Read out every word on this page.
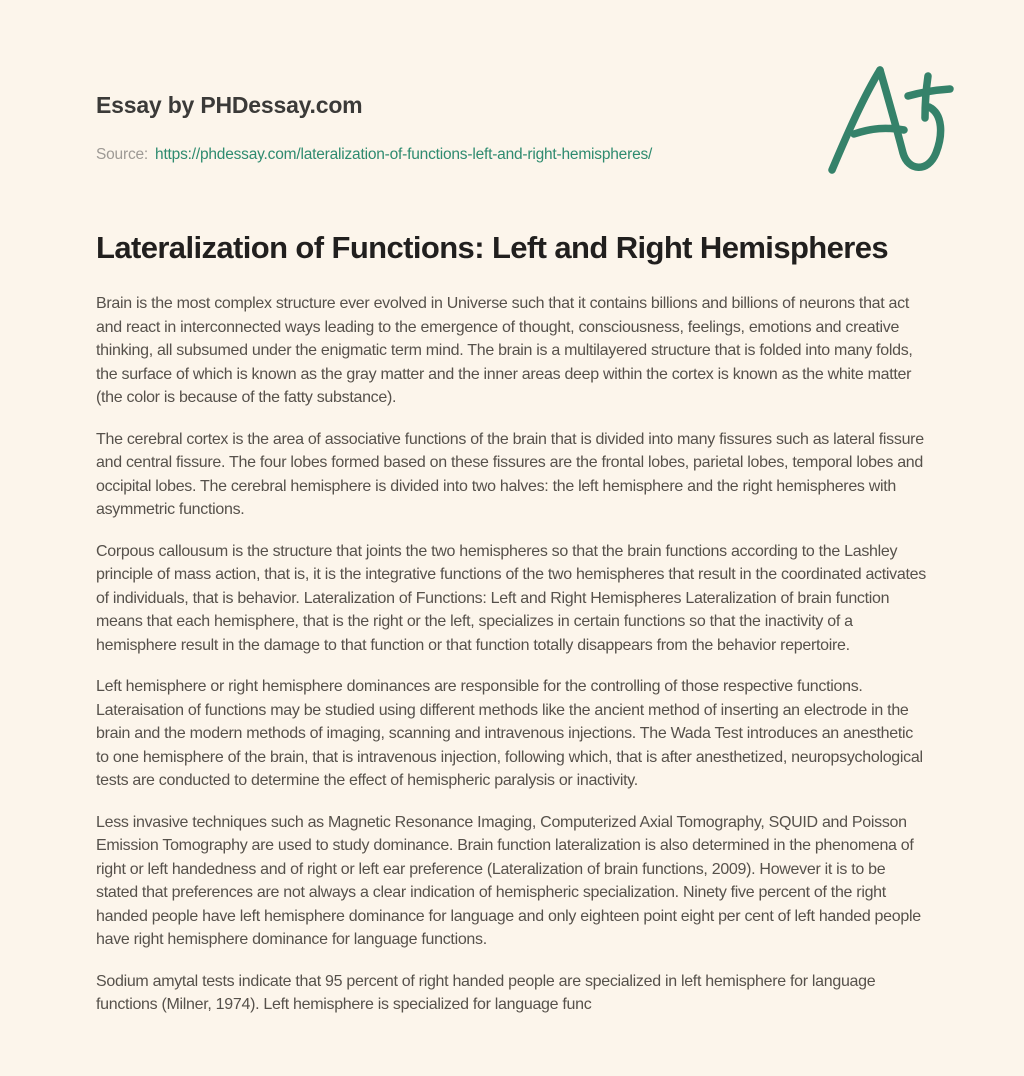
Essay by PHDessay.com
Source: https://phdessay.com/lateralization-of-functions-left-and-right-hemispheres/
Lateralization of Functions: Left and Right Hemispheres

Brain is the most complex structure ever evolved in Universe such that it contains billions and billions of neurons that act and react in interconnected ways leading to the emergence of thought, consciousness, feelings, emotions and creative thinking, all subsumed under the enigmatic term mind. The brain is a multilayered structure that is folded into many folds, the surface of which is known as the gray matter and the inner areas deep within the cortex is known as the white matter (the color is because of the fatty substance).

The cerebral cortex is the area of associative functions of the brain that is divided into many fissures such as lateral fissure and central fissure. The four lobes formed based on these fissures are the frontal lobes, parietal lobes, temporal lobes and occipital lobes. The cerebral hemisphere is divided into two halves: the left hemisphere and the right hemispheres with asymmetric functions.

Corpous callousum is the structure that joints the two hemispheres so that the brain functions according to the Lashley principle of mass action, that is, it is the integrative functions of the two hemispheres that result in the coordinated activates of individuals, that is behavior. Lateralization of Functions: Left and Right Hemispheres Lateralization of brain function means that each hemisphere, that is the right or the left, specializes in certain functions so that the inactivity of a hemisphere result in the damage to that function or that function totally disappears from the behavior repertoire.

Left hemisphere or right hemisphere dominances are responsible for the controlling of those respective functions. Lateraisation of functions may be studied using different methods like the ancient method of inserting an electrode in the brain and the modern methods of imaging, scanning and intravenous injections. The Wada Test introduces an anesthetic to one hemisphere of the brain, that is intravenous injection, following which, that is after anesthetized, neuropsychological tests are conducted to determine the effect of hemispheric paralysis or inactivity.

Less invasive techniques such as Magnetic Resonance Imaging, Computerized Axial Tomography, SQUID and Poisson Emission Tomography are used to study dominance. Brain function lateralization is also determined in the phenomena of right or left handedness and of right or left ear preference (Lateralization of brain functions, 2009). However it is to be stated that preferences are not always a clear indication of hemispheric specialization. Ninety five percent of the right handed people have left hemisphere dominance for language and only eighteen point eight per cent of left handed people have right hemisphere dominance for language functions.

Sodium amytal tests indicate that 95 percent of right handed people are specialized in left hemisphere for language functions (Milner, 1974). Left hemisphere is specialized for language func
